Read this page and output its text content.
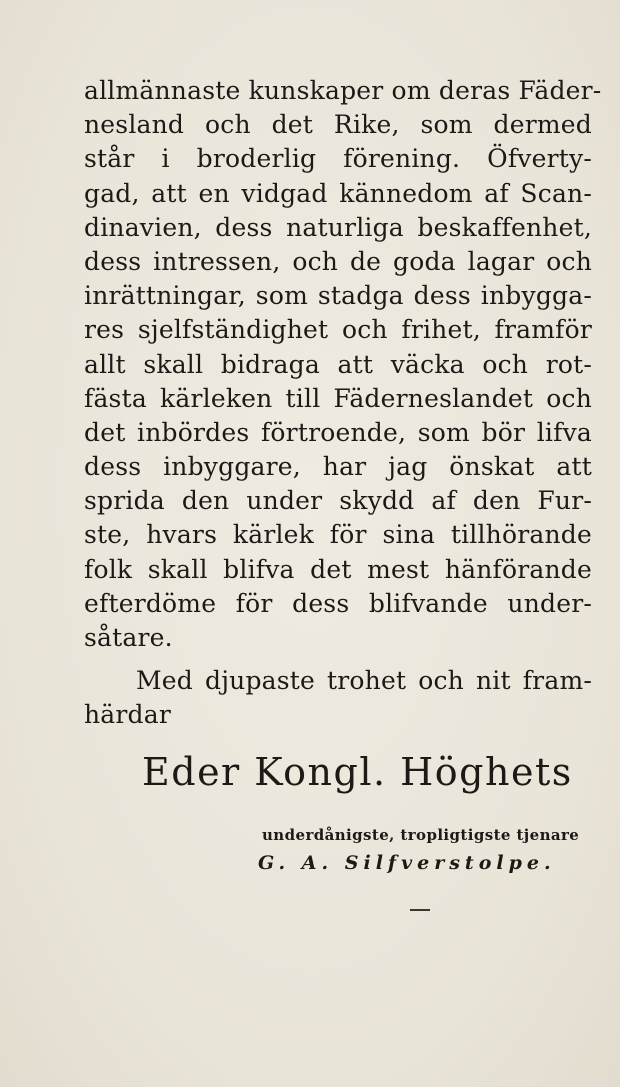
allmännaste kunskaper om deras Fäder-
nesland och det Rike, som dermed
står i broderlig förening. Öfverty-
gad, att en vidgad kännedom af Scan-
dinavien, dess naturliga beskaffenhet,
dess intressen, och de goda lagar och
inrättningar, som stadga dess inbygga-
res sjelfständighet och frihet, framför
allt skall bidraga att väcka och rot-
fästa kärleken till Fäderneslandet och
det inbördes förtroende, som bör lifva
dess inbyggare, har jag önskat att
sprida den under skydd af den Fur-
ste, hvars kärlek för sina tillhörande
folk skall blifva det mest hänförande
efterdöme för dess blifvande under-
såtare.
Med djupaste trohet och nit fram-
härdar
Eder Kongl. Höghets
underdånigste, tropligtigste tjenare
G. A. Silfverstolpe.
